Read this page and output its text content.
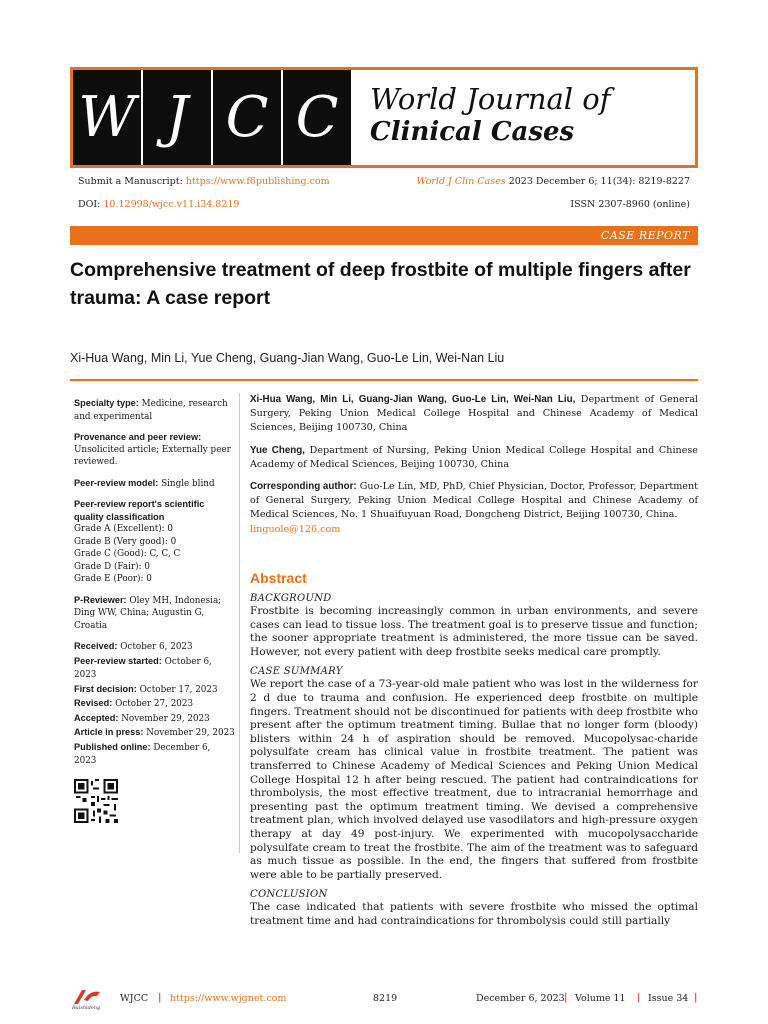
W J C C	World Journal of
Clinical Cases
Submit a Manuscript: https://www.f6publishing.com	World J Clin Cases 2023 December 6; 11(34): 8219-8227
DOI: 10.12998/wjcc.v11.i34.8219	ISSN 2307-8960 (online)
CASE REPORT
Comprehensive treatment of deep frostbite of multiple fingers after trauma: A case report
Xi-Hua Wang, Min Li, Yue Cheng, Guang-Jian Wang, Guo-Le Lin, Wei-Nan Liu
Specialty type: Medicine, research and experimental
Provenance and peer review:
Unsolicited article; Externally peer reviewed.
Peer-review model: Single blind
Peer-review report's scientific quality classification
Grade A (Excellent): 0
Grade B (Very good): 0
Grade C (Good): C, C, C
Grade D (Fair): 0
Grade E (Poor): 0
P-Reviewer: Oley MH, Indonesia; Ding WW, China; Augustin G, Croatia
Received: October 6, 2023
Peer-review started: October 6, 2023
First decision: October 17, 2023
Revised: October 27, 2023
Accepted: November 29, 2023
Article in press: November 29, 2023
Published online: December 6, 2023

Xi-Hua Wang, Min Li, Guang-Jian Wang, Guo-Le Lin, Wei-Nan Liu, Department of General Surgery, Peking Union Medical College Hospital and Chinese Academy of Medical Sciences, Beijing 100730, China

Yue Cheng, Department of Nursing, Peking Union Medical College Hospital and Chinese Academy of Medical Sciences, Beijing 100730, China

Corresponding author: Guo-Le Lin, MD, PhD, Chief Physician, Doctor, Professor, Department of General Surgery, Peking Union Medical College Hospital and Chinese Academy of Medical Sciences, No. 1 Shuaifuyuan Road, Dongcheng District, Beijing 100730, China.
linguole@126.com

Abstract
BACKGROUND
Frostbite is becoming increasingly common in urban environments, and severe cases can lead to tissue loss. The treatment goal is to preserve tissue and function; the sooner appropriate treatment is administered, the more tissue can be saved. However, not every patient with deep frostbite seeks medical care promptly.
CASE SUMMARY
We report the case of a 73-year-old male patient who was lost in the wilderness for 2 d due to trauma and confusion. He experienced deep frostbite on multiple fingers. Treatment should not be discontinued for patients with deep frostbite who present after the optimum treatment timing. Bullae that no longer form (bloody) blisters within 24 h of aspiration should be removed. Mucopolysac-charide polysulfate cream has clinical value in frostbite treatment. The patient was transferred to Chinese Academy of Medical Sciences and Peking Union Medical College Hospital 12 h after being rescued. The patient had contraindications for thrombolysis, the most effective treatment, due to intracranial hemorrhage and presenting past the optimum treatment timing. We devised a comprehensive treatment plan, which involved delayed use vasodilators and high-pressure oxygen therapy at day 49 post-injury. We experimented with mucopolysaccharide polysulfate cream to treat the frostbite. The aim of the treatment was to safeguard as much tissue as possible. In the end, the fingers that suffered from frostbite were able to be partially preserved.
CONCLUSION
The case indicated that patients with severe frostbite who missed the optimal treatment time and had contraindications for thrombolysis could still partially
Baishideng
WJCC | https://www.wjgnet.com	8219	December 6, 2023 | Volume 11 | Issue 34 |
